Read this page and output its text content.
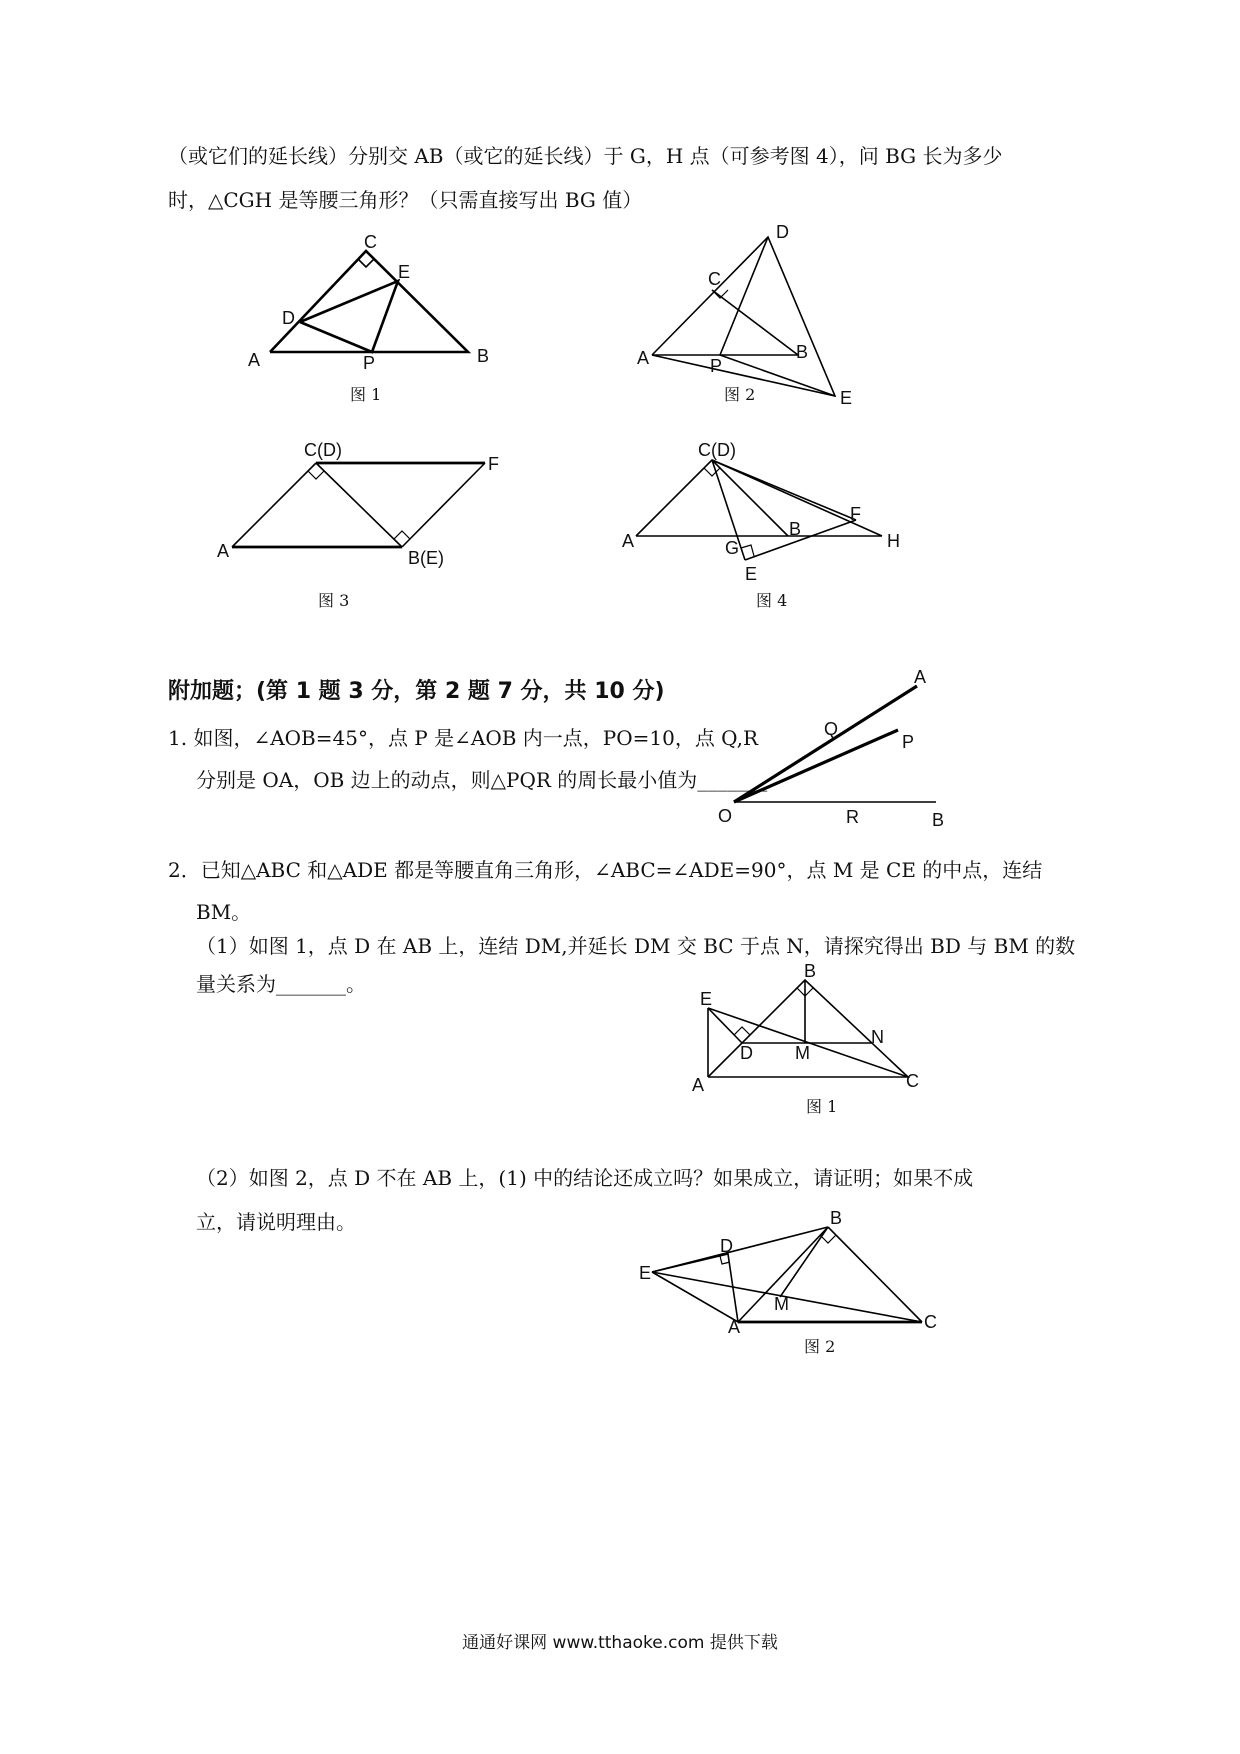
（或它们的延长线）分别交 AB（或它的延长线）于 G，H 点（可参考图 4），问 BG 长为多少
时，△CGH 是等腰三角形？（只需直接写出 BG 值）
C
E
D
A	P	B
图 1
D
C
A	P
B
E
图 2
C(D)
F
A	B(E)
图 3
C(D)
F
A	G
B
H
E
图 4
附加题；(第 1 题 3 分，第 2 题 7 分，共 10 分)
1. 如图，∠AOB=45°，点 P 是∠AOB 内一点，PO=10，点 Q,R
分别是 OA，OB 边上的动点，则△PQR 的周长最小值为_______.
A
Q
P
O	R	B
2．已知△ABC 和△ADE 都是等腰直角三角形，∠ABC=∠ADE=90°，点 M 是 CE 的中点，连结
BM。
（1）如图 1，点 D 在 AB 上，连结 DM,并延长 DM 交 BC 于点 N，请探究得出 BD 与 BM 的数
量关系为_______。
B
E
D M
N
A	C
图 1
（2）如图 2，点 D 不在 AB 上，(1) 中的结论还成立吗？如果成立，请证明；如果不成
立，请说明理由。	B
D
E
M
A	C
图 2
通通好课网 www.tthaoke.com 提供下载
